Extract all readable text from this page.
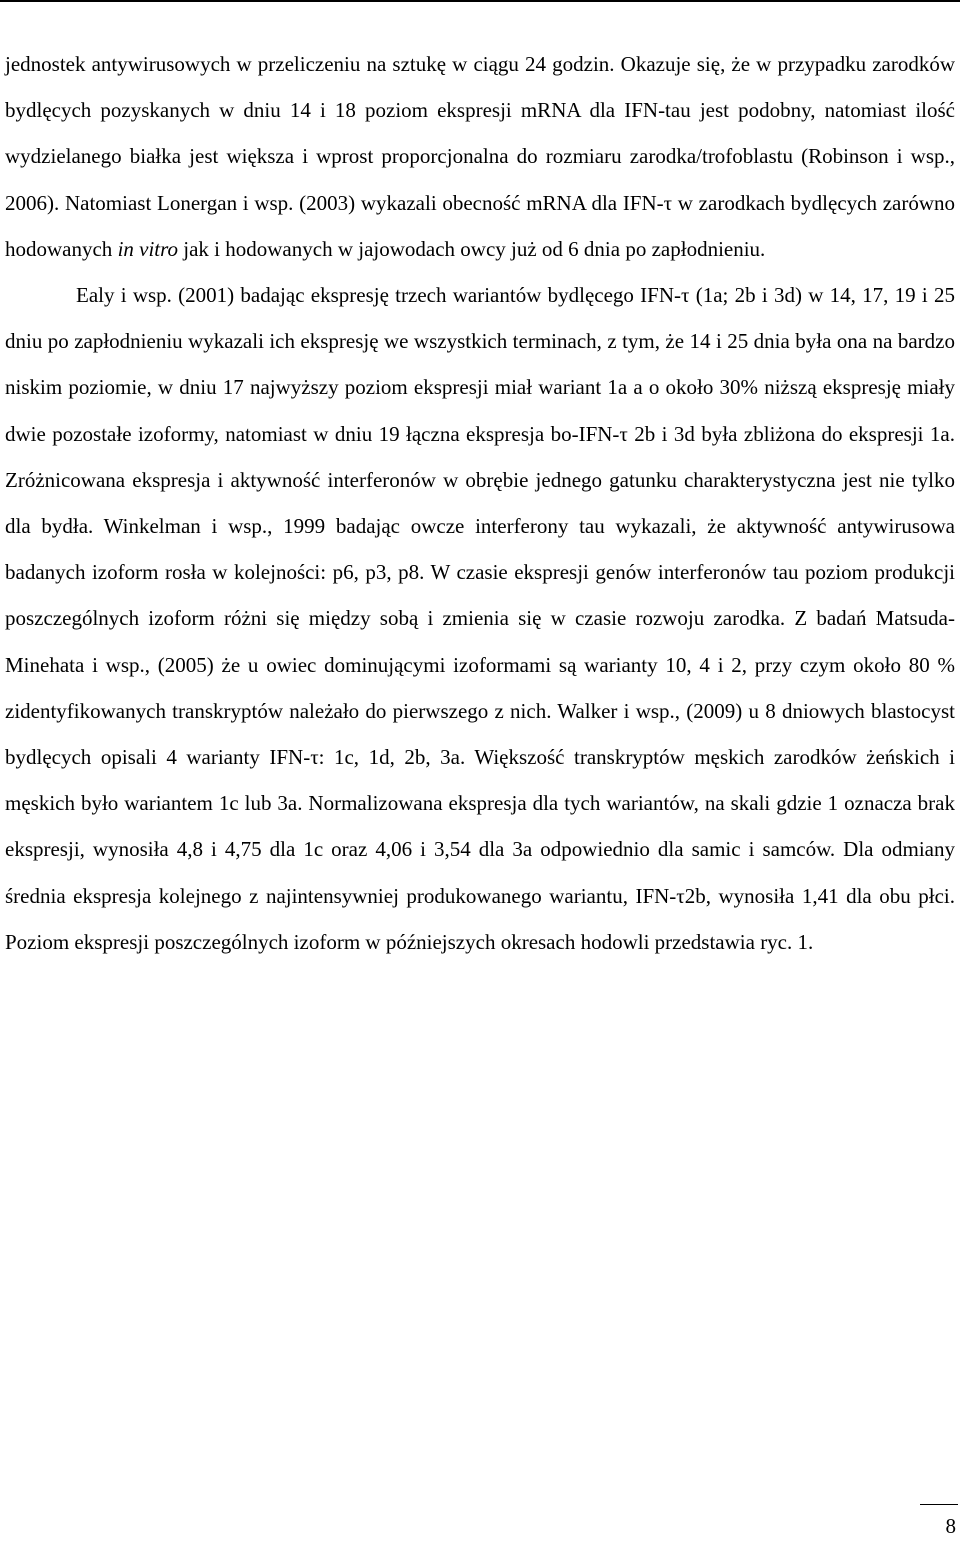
jednostek antywirusowych w przeliczeniu na sztukę w ciągu 24 godzin. Okazuje się, że w przypadku zarodków bydlęcych pozyskanych w dniu 14 i 18 poziom ekspresji mRNA dla IFN-tau jest podobny, natomiast ilość wydzielanego białka jest większa i wprost proporcjonalna do rozmiaru zarodka/trofoblastu (Robinson i wsp., 2006). Natomiast Lonergan i wsp. (2003) wykazali obecność mRNA dla IFN-τ w zarodkach bydlęcych zarówno hodowanych in vitro jak i hodowanych w jajowodach owcy już od 6 dnia po zapłodnieniu.

Ealy i wsp. (2001) badając ekspresję trzech wariantów bydlęcego IFN-τ (1a; 2b i 3d) w 14, 17, 19 i 25 dniu po zapłodnieniu wykazali ich ekspresję we wszystkich terminach, z tym, że 14 i 25 dnia była ona na bardzo niskim poziomie, w dniu 17 najwyższy poziom ekspresji miał wariant 1a a o około 30% niższą ekspresję miały dwie pozostałe izoformy, natomiast w dniu 19 łączna ekspresja bo-IFN-τ 2b i 3d była zbliżona do ekspresji 1a. Zróżnicowana ekspresja i aktywność interferonów w obrębie jednego gatunku charakterystyczna jest nie tylko dla bydła. Winkelman i wsp., 1999 badając owcze interferony tau wykazali, że aktywność antywirusowa badanych izoform rosła w kolejności: p6, p3, p8. W czasie ekspresji genów interferonów tau poziom produkcji poszczególnych izoform różni się między sobą i zmienia się w czasie rozwoju zarodka. Z badań Matsuda-Minehata i wsp., (2005) że u owiec dominującymi izoformami są warianty 10, 4 i 2, przy czym około 80 % zidentyfikowanych transkryptów należało do pierwszego z nich. Walker i wsp., (2009) u 8 dniowych blastocyst bydlęcych opisali 4 warianty IFN-τ: 1c, 1d, 2b, 3a. Większość transkryptów męskich zarodków żeńskich i męskich było wariantem 1c lub 3a. Normalizowana ekspresja dla tych wariantów, na skali gdzie 1 oznacza brak ekspresji, wynosiła 4,8 i 4,75 dla 1c oraz 4,06 i 3,54 dla 3a odpowiednio dla samic i samców. Dla odmiany średnia ekspresja kolejnego z najintensywniej produkowanego wariantu, IFN-τ2b, wynosiła 1,41 dla obu płci. Poziom ekspresji poszczególnych izoform w późniejszych okresach hodowli przedstawia ryc. 1.

8
